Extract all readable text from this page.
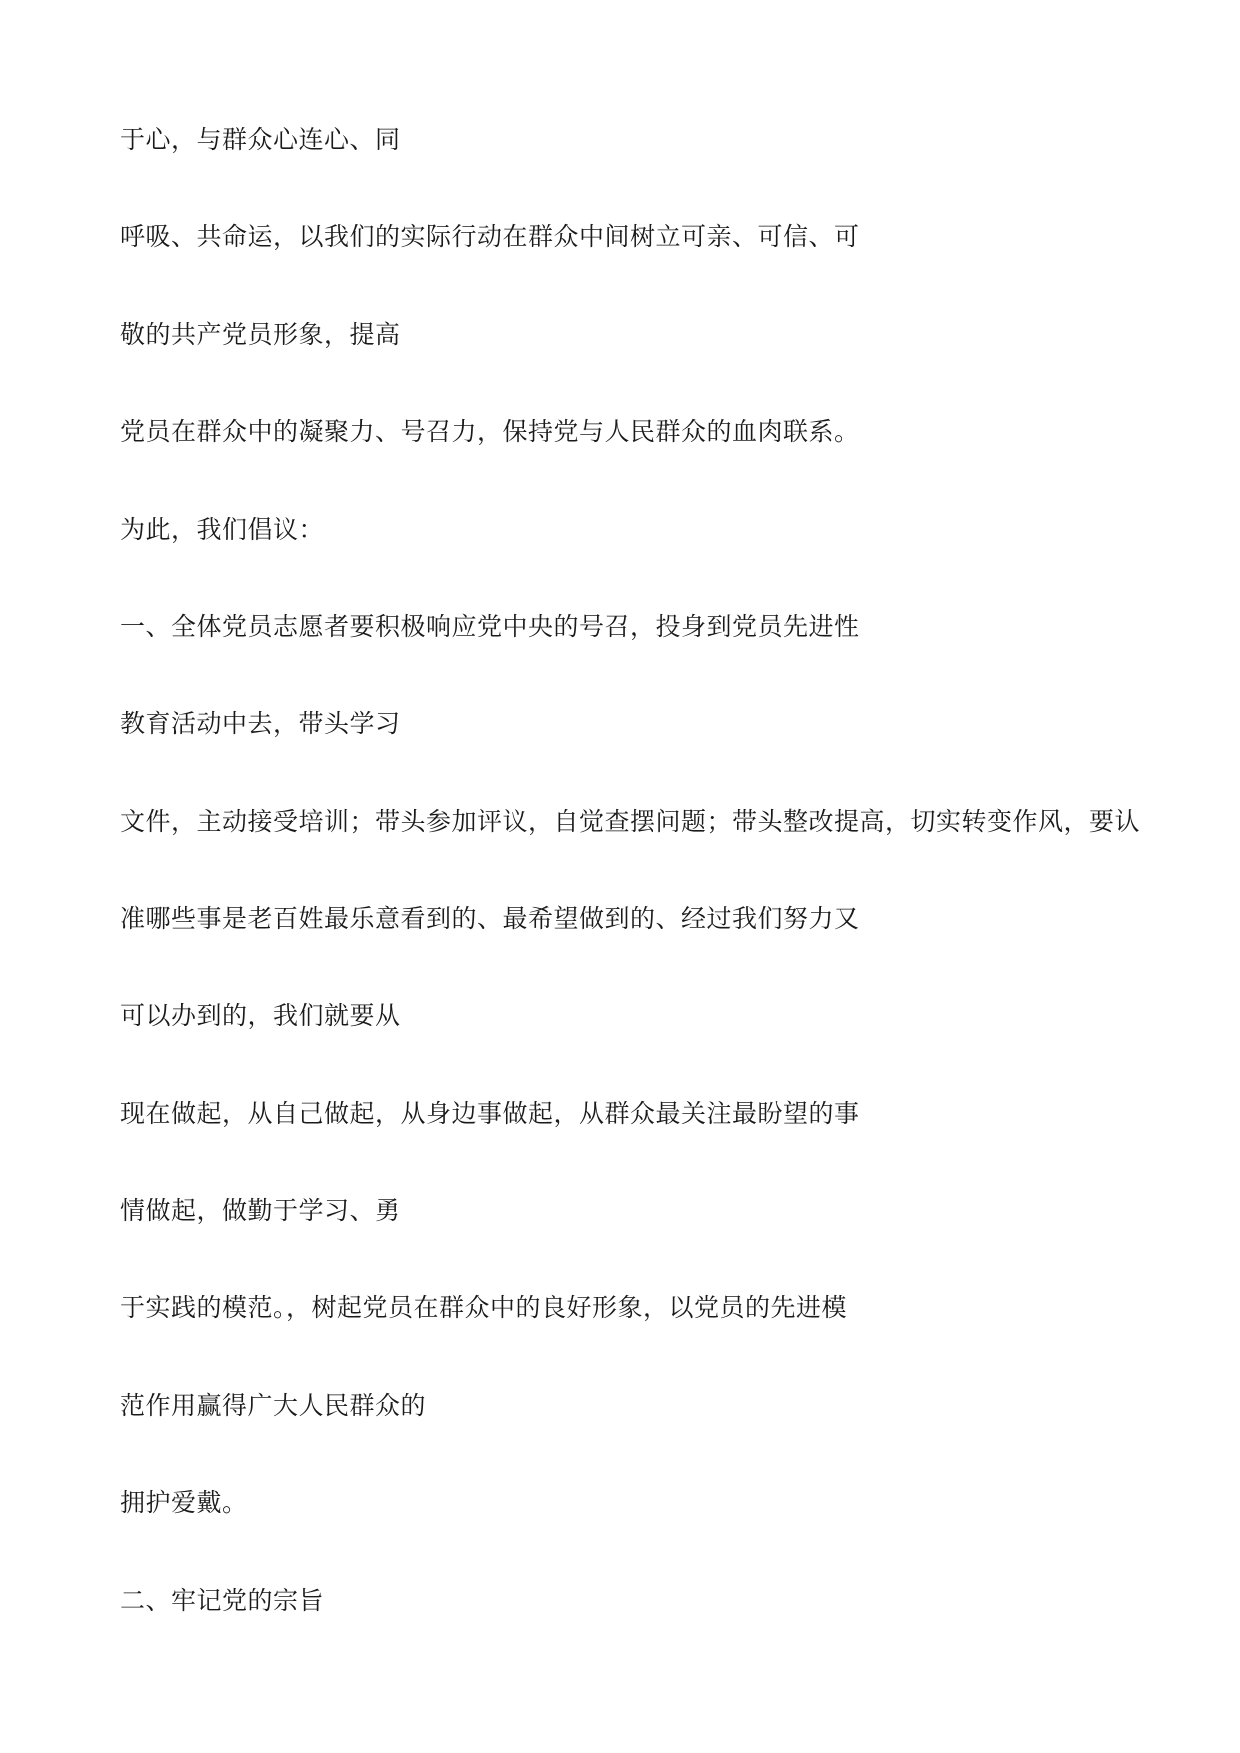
于心，与群众心连心、同

呼吸、共命运，以我们的实际行动在群众中间树立可亲、可信、可

敬的共产党员形象，提高

党员在群众中的凝聚力、号召力，保持党与人民群众的血肉联系。

为此，我们倡议：

一、全体党员志愿者要积极响应党中央的号召，投身到党员先进性

教育活动中去，带头学习

文件，主动接受培训；带头参加评议，自觉查摆问题；带头整改提高，切实转变作风，要认

准哪些事是老百姓最乐意看到的、最希望做到的、经过我们努力又

可以办到的，我们就要从

现在做起，从自己做起，从身边事做起，从群众最关注最盼望的事

情做起，做勤于学习、勇

于实践的模范。，树起党员在群众中的良好形象，以党员的先进模

范作用赢得广大人民群众的

拥护爱戴。

二、牢记党的宗旨
